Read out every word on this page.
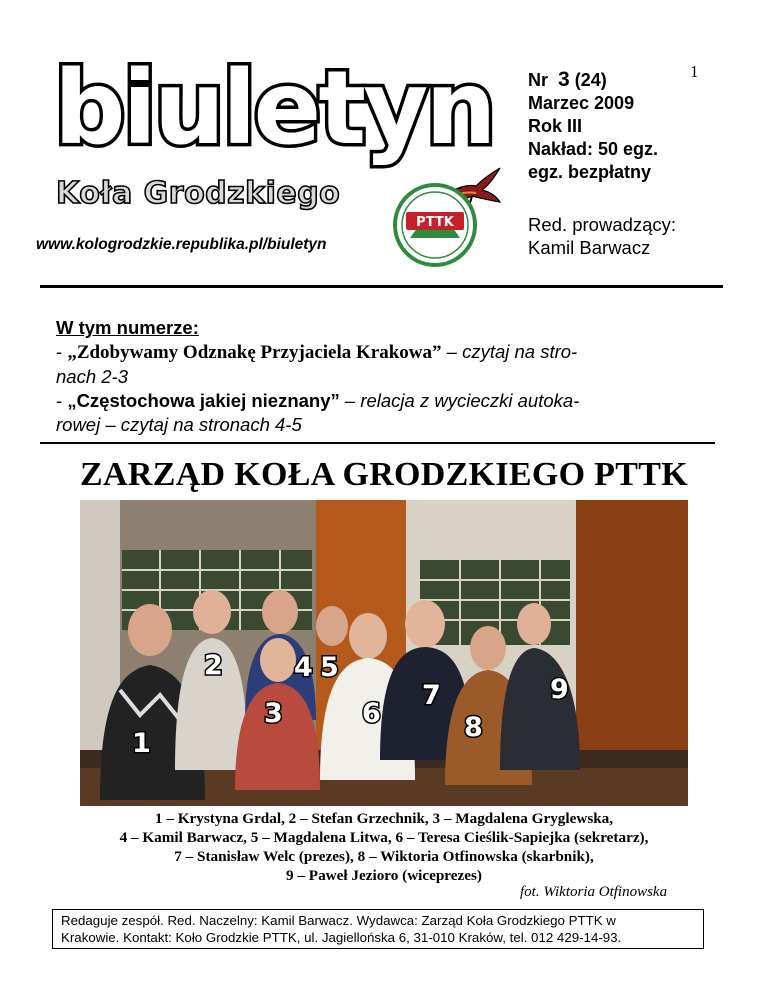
biuletyn
Koła Grodzkiego
www.kologrodzkie.republika.pl/biuletyn
PTTK
1
Nr 3 (24)
Marzec 2009
Rok III
Nakład: 50 egz.
egz. bezpłatny
Red. prowadzący:
Kamil Barwacz
W tym numerze:
- „Zdobywamy Odznakę Przyjaciela Krakowa” – czytaj na stro-
nach 2-3
- „Częstochowa jakiej nieznany” – relacja z wycieczki autoka-
rowej – czytaj na stronach 4-5
ZARZĄD KOŁA GRODZKIEGO PTTK
1
2
3
4 5
6
7
8
9
1 – Krystyna Grdal, 2 – Stefan Grzechnik, 3 – Magdalena Gryglewska,
4 – Kamil Barwacz, 5 – Magdalena Litwa, 6 – Teresa Cieślik-Sapiejka (sekretarz),
7 – Stanisław Welc (prezes), 8 – Wiktoria Otfinowska (skarbnik),
9 – Paweł Jezioro (wiceprezes)
fot. Wiktoria Otfinowska
Redaguje zespół. Red. Naczelny: Kamil Barwacz. Wydawca: Zarząd Koła Grodzkiego PTTK w
Krakowie. Kontakt: Koło Grodzkie PTTK, ul. Jagiellońska 6, 31-010 Kraków, tel. 012 429-14-93.
